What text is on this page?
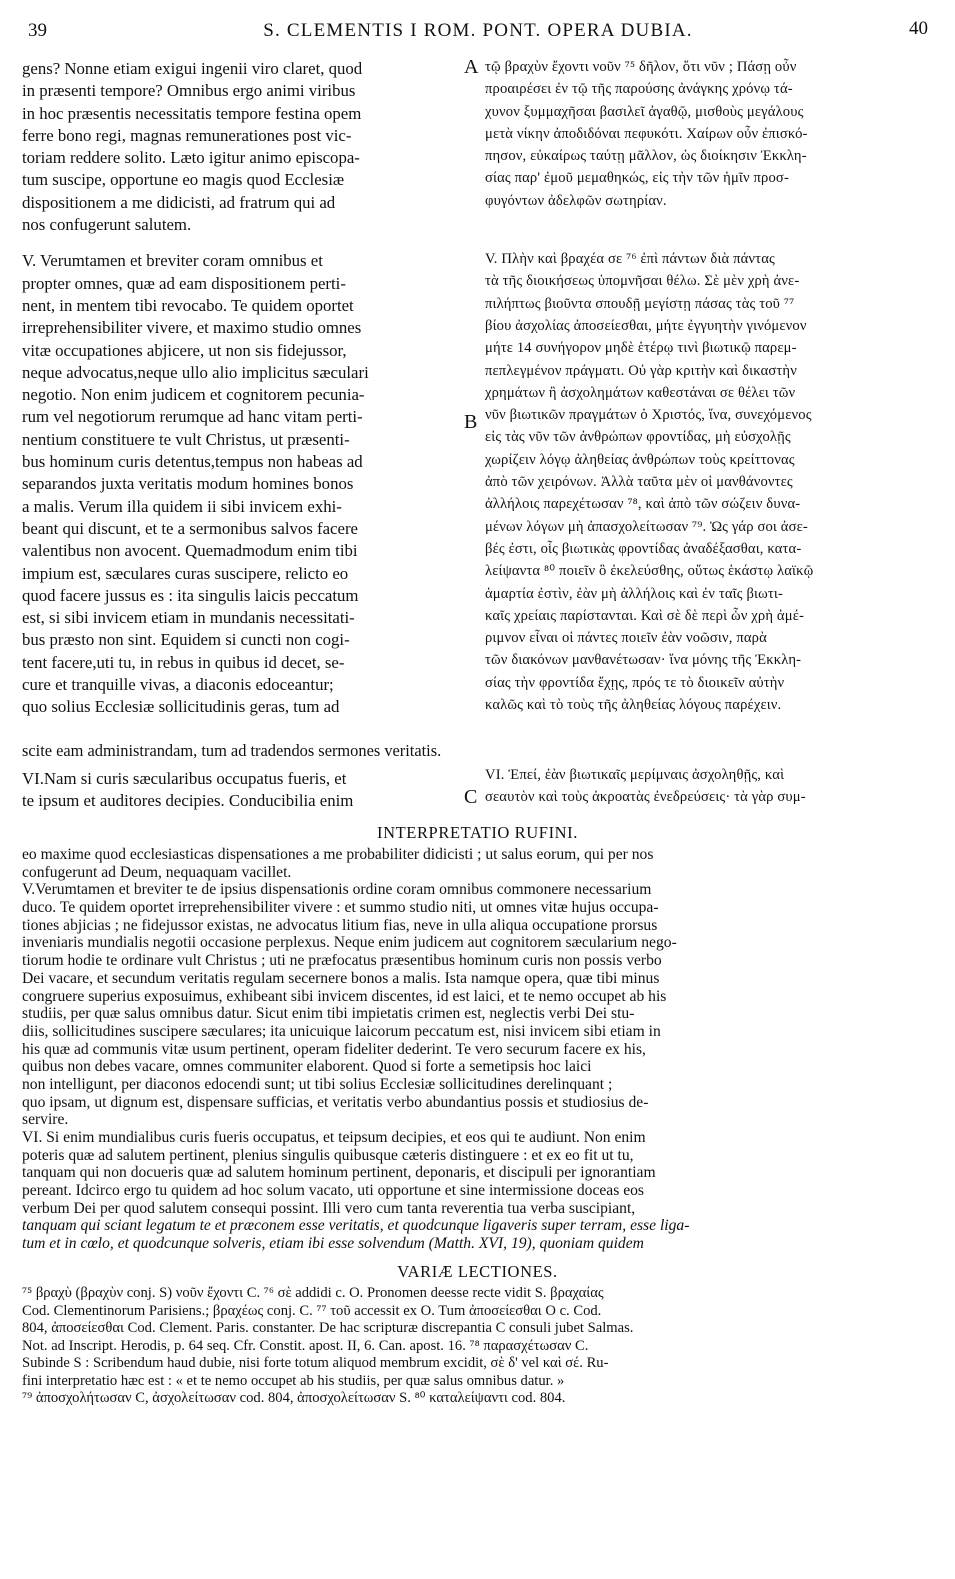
39	S. CLEMENTIS I ROM. PONT. OPERA DUBIA.	40
A
B
C
gens? Nonne etiam exigui ingenii viro claret, quod
in præsenti tempore? Omnibus ergo animi viribus
in hoc præsentis necessitatis tempore festina opem
ferre bono regi, magnas remunerationes post vic-
toriam reddere solito. Læto igitur animo episcopa-
tum suscipe, opportune eo magis quod Ecclesiæ
dispositionem a me didicisti, ad fratrum qui ad
nos confugerunt salutem.
V. Verumtamen et breviter coram omnibus et
propter omnes, quæ ad eam dispositionem perti-
nent, in mentem tibi revocabo. Te quidem oportet
irreprehensibiliter vivere, et maximo studio omnes
vitæ occupationes abjicere, ut non sis fidejussor,
neque advocatus,neque ullo alio implicitus sæculari
negotio. Non enim judicem et cognitorem pecunia-
rum vel negotiorum rerumque ad hanc vitam perti-
nentium constituere te vult Christus, ut præsenti-
bus hominum curis detentus,tempus non habeas ad
separandos juxta veritatis modum homines bonos
a malis. Verum illa quidem ii sibi invicem exhi-
beant qui discunt, et te a sermonibus salvos facere
valentibus non avocent. Quemadmodum enim tibi
impium est, sæculares curas suscipere, relicto eo
quod facere jussus es : ita singulis laicis peccatum
est, si sibi invicem etiam in mundanis necessitati-
bus præsto non sint. Equidem si cuncti non cogi-
tent facere,uti tu, in rebus in quibus id decet, se-
cure et tranquille vivas, a diaconis edoceantur;
quo solius Ecclesiæ sollicitudinis geras, tum ad
τῷ βραχὺν ἔχοντι νοῦν ⁷⁵ δῆλον, ὅτι νῦν ; Πάσῃ οὖν
προαιρέσει ἐν τῷ τῆς παρούσης ἀνάγκης χρόνῳ τά-
χυνον ξυμμαχῆσαι βασιλεῖ ἀγαθῷ, μισθοὺς μεγάλους
μετὰ νίκην ἀποδιδόναι πεφυκότι. Χαίρων οὖν ἐπισκό-
πησον, εὐκαίρως ταύτῃ μᾶλλον, ὡς διοίκησιν Ἐκκλη-
σίας παρ' ἐμοῦ μεμαθηκώς, εἰς τὴν τῶν ἡμῖν προσ-
φυγόντων ἀδελφῶν σωτηρίαν.
V. Πλὴν καὶ βραχέα σε ⁷⁶ ἐπὶ πάντων διὰ πάντας
τὰ τῆς διοικήσεως ὑπομνῆσαι θέλω. Σὲ μὲν χρὴ ἀνε-
πιλήπτως βιοῦντα σπουδῇ μεγίστῃ πάσας τὰς τοῦ ⁷⁷
βίου ἀσχολίας ἀποσείεσθαι, μήτε ἐγγυητὴν γινόμενον
μήτε 14 συνήγορον μηδὲ ἑτέρῳ τινὶ βιωτικῷ παρεμ-
πεπλεγμένον πράγματι. Οὐ γὰρ κριτὴν καὶ δικαστὴν
χρημάτων ἢ ἀσχολημάτων καθεστάναι σε θέλει τῶν
νῦν βιωτικῶν πραγμάτων ὁ Χριστός, ἵνα, συνεχόμενος
εἰς τὰς νῦν τῶν ἀνθρώπων φροντίδας, μὴ εὐσχολῇς
χωρίζειν λόγῳ ἀληθείας ἀνθρώπων τοὺς κρείττονας
ἀπὸ τῶν χειρόνων. Ἀλλὰ ταῦτα μὲν οἱ μανθάνοντες
ἀλλήλοις παρεχέτωσαν ⁷⁸, καὶ ἀπὸ τῶν σώζειν δυνα-
μένων λόγων μὴ ἀπασχολείτωσαν ⁷⁹. Ὡς γάρ σοι ἀσε-
βές ἐστι, οἷς βιωτικὰς φροντίδας ἀναδέξασθαι, κατα-
λείψαντα ⁸⁰ ποιεῖν ὃ ἐκελεύσθης, οὕτως ἑκάστῳ λαϊκῷ
ἁμαρτία ἐστὶν, ἐὰν μὴ ἀλλήλοις καὶ ἐν ταῖς βιωτι-
καῖς χρείαις παρίστανται. Καὶ σὲ δὲ περὶ ὧν χρὴ ἀμέ-
ριμνον εἶναι οἱ πάντες ποιεῖν ἐὰν νοῶσιν, παρὰ
τῶν διακόνων μανθανέτωσαν· ἵνα μόνης τῆς Ἐκκλη-
σίας τὴν φροντίδα ἔχῃς, πρός τε τὸ διοικεῖν αὐτὴν
καλῶς καὶ τὸ τοὺς τῆς ἀληθείας λόγους παρέχειν.
scite eam administrandam, tum ad tradendos sermones veritatis.
VI.Nam si curis sæcularibus occupatus fueris, et
te ipsum et auditores decipies. Conducibilia enim
VI. Ἐπεί, ἐὰν βιωτικαῖς μερίμναις ἀσχοληθῇς, καὶ
σεαυτὸν καὶ τοὺς ἀκροατὰς ἐνεδρεύσεις· τὰ γὰρ συμ-
INTERPRETATIO RUFINI.
eo maxime quod ecclesiasticas dispensationes a me probabiliter didicisti ; ut salus eorum, qui per nos
confugerunt ad Deum, nequaquam vacillet.
V.Verumtamen et breviter te de ipsius dispensationis ordine coram omnibus commonere necessarium
duco. Te quidem oportet irreprehensibiliter vivere : et summo studio niti, ut omnes vitæ hujus occupa-
tiones abjicias ; ne fidejussor existas, ne advocatus litium fias, neve in ulla aliqua occupatione prorsus
inveniaris mundialis negotii occasione perplexus. Neque enim judicem aut cognitorem sæcularium nego-
tiorum hodie te ordinare vult Christus ; uti ne præfocatus præsentibus hominum curis non possis verbo
Dei vacare, et secundum veritatis regulam secernere bonos a malis. Ista namque opera, quæ tibi minus
congruere superius exposuimus, exhibeant sibi invicem discentes, id est laici, et te nemo occupet ab his
studiis, per quæ salus omnibus datur. Sicut enim tibi impietatis crimen est, neglectis verbi Dei stu-
diis, sollicitudines suscipere sæculares; ita unicuique laicorum peccatum est, nisi invicem sibi etiam in
his quæ ad communis vitæ usum pertinent, operam fideliter dederint. Te vero securum facere ex his,
quibus non debes vacare, omnes communiter elaborent. Quod si forte a semetipsis hoc laici
non intelligunt, per diaconos edocendi sunt; ut tibi solius Ecclesiæ sollicitudines derelinquant ;
quo ipsam, ut dignum est, dispensare sufficias, et veritatis verbo abundantius possis et studiosius de-
servire.
VI. Si enim mundialibus curis fueris occupatus, et teipsum decipies, et eos qui te audiunt. Non enim
poteris quæ ad salutem pertinent, plenius singulis quibusque cæteris distinguere : et ex eo fit ut tu,
tanquam qui non docueris quæ ad salutem hominum pertinent, deponaris, et discipuli per ignorantiam
pereant. Idcirco ergo tu quidem ad hoc solum vacato, uti opportune et sine intermissione doceas eos
verbum Dei per quod salutem consequi possint. Illi vero cum tanta reverentia tua verba suscipiant,
tanquam qui sciant legatum te et præconem esse veritatis, et quodcunque ligaveris super terram, esse liga-
tum et in cœlo, et quodcunque solveris, etiam ibi esse solvendum (Matth. XVI, 19), quoniam quidem
VARIÆ LECTIONES.
⁷⁵ βραχὺ (βραχὺν conj. S) νοῦν ἔχοντι C. ⁷⁶ σὲ addidi c. O. Pronomen deesse recte vidit S. βραχαίας
Cod. Clementinorum Parisiens.; βραχέως conj. C. ⁷⁷ τοῦ accessit ex O. Tum ἀποσείεσθαι O c. Cod.
804, ἀποσείεσθαι Cod. Clement. Paris. constanter. De hac scripturæ discrepantia C consuli jubet Salmas.
Not. ad Inscript. Herodis, p. 64 seq. Cfr. Constit. apost. II, 6. Can. apost. 16. ⁷⁸ παρασχέτωσαν C.
Subinde S : Scribendum haud dubie, nisi forte totum aliquod membrum excidit, σὲ δ' vel καὶ σέ. Ru-
fini interpretatio hæc est : « et te nemo occupet ab his studiis, per quæ salus omnibus datur. »
⁷⁹ ἀποσχολήτωσαν C, ἀσχολείτωσαν cod. 804, ἀποσχολείτωσαν S. ⁸⁰ καταλείψαντι cod. 804.
